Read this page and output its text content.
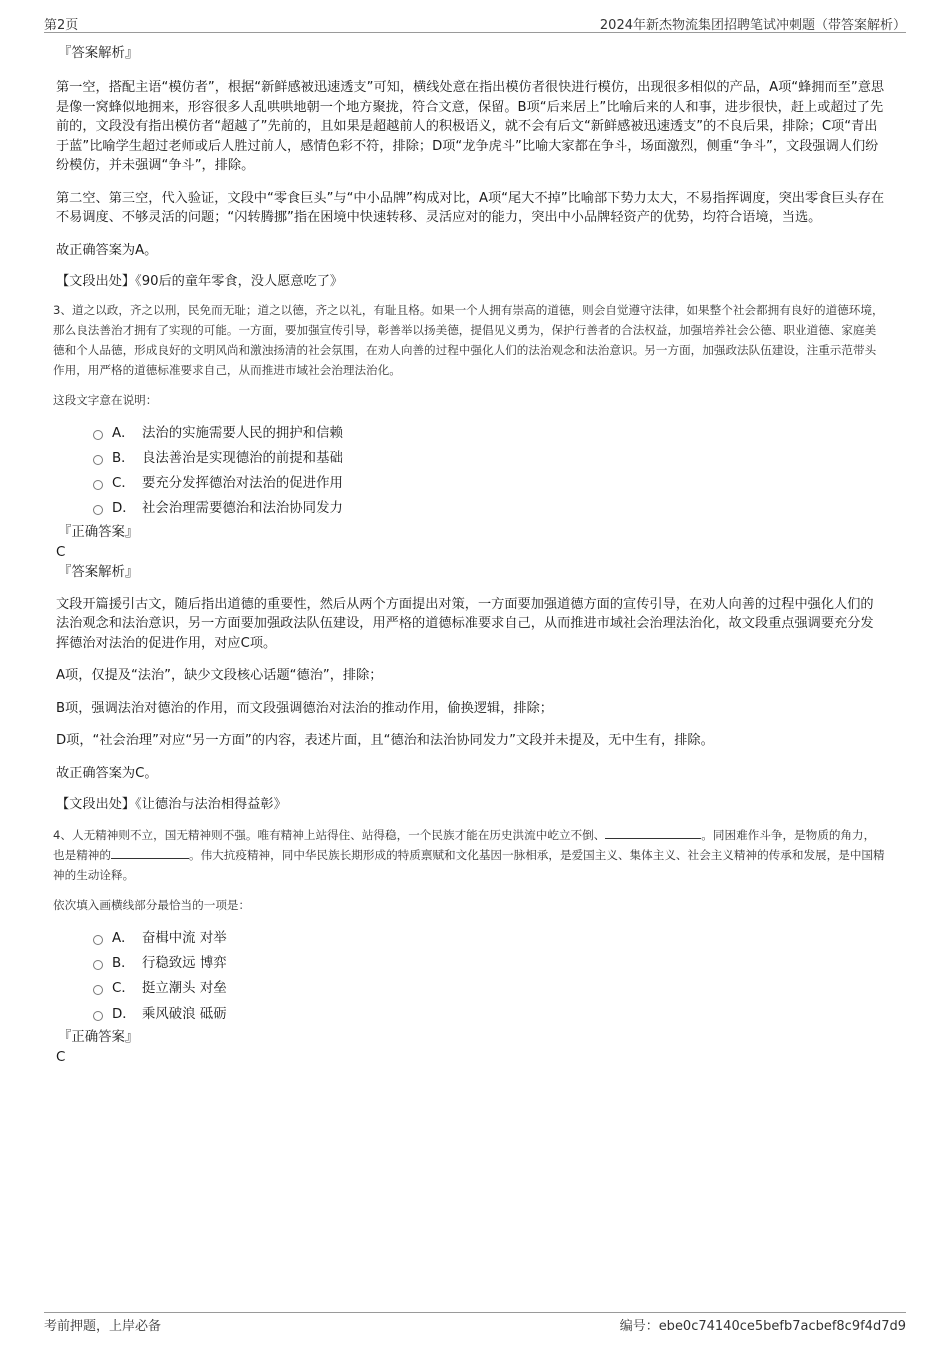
第2页	2024年新杰物流集团招聘笔试冲刺题（带答案解析）

『答案解析』

第一空，搭配主语“模仿者”，根据“新鲜感被迅速透支”可知，横线处意在指出模仿者很快进行模仿，出现很多相似的产品，A项“蜂拥而至”意思是像一窝蜂似地拥来，形容很多人乱哄哄地朝一个地方聚拢，符合文意，保留。B项“后来居上”比喻后来的人和事，进步很快，赶上或超过了先前的，文段没有指出模仿者“超越了”先前的，且如果是超越前人的积极语义，就不会有后文“新鲜感被迅速透支”的不良后果，排除；C项“青出于蓝”比喻学生超过老师或后人胜过前人，感情色彩不符，排除；D项“龙争虎斗”比喻大家都在争斗，场面激烈，侧重“争斗”，文段强调人们纷纷模仿，并未强调“争斗”，排除。

第二空、第三空，代入验证，文段中“零食巨头”与“中小品牌”构成对比，A项“尾大不掉”比喻部下势力太大，不易指挥调度，突出零食巨头存在不易调度、不够灵活的问题；“闪转腾挪”指在困境中快速转移、灵活应对的能力，突出中小品牌轻资产的优势，均符合语境，当选。

故正确答案为A。

【文段出处】《90后的童年零食，没人愿意吃了》

3、道之以政，齐之以刑，民免而无耻；道之以德，齐之以礼，有耻且格。如果一个人拥有崇高的道德，则会自觉遵守法律，如果整个社会都拥有良好的道德环境，那么良法善治才拥有了实现的可能。一方面，要加强宣传引导，彰善举以扬美德，提倡见义勇为，保护行善者的合法权益，加强培养社会公德、职业道德、家庭美德和个人品德，形成良好的文明风尚和激浊扬清的社会氛围，在劝人向善的过程中强化人们的法治观念和法治意识。另一方面，加强政法队伍建设，注重示范带头作用，用严格的道德标准要求自己，从而推进市域社会治理法治化。

这段文字意在说明：

A． 法治的实施需要人民的拥护和信赖
B． 良法善治是实现德治的前提和基础
C． 要充分发挥德治对法治的促进作用
D． 社会治理需要德治和法治协同发力

『正确答案』

C

『答案解析』

文段开篇援引古文，随后指出道德的重要性，然后从两个方面提出对策，一方面要加强道德方面的宣传引导，在劝人向善的过程中强化人们的法治观念和法治意识，另一方面要加强政法队伍建设，用严格的道德标准要求自己，从而推进市域社会治理法治化，故文段重点强调要充分发挥德治对法治的促进作用，对应C项。

A项，仅提及“法治”，缺少文段核心话题“德治”，排除；

B项，强调法治对德治的作用，而文段强调德治对法治的推动作用，偷换逻辑，排除；

D项，“社会治理”对应“另一方面”的内容，表述片面，且“德治和法治协同发力”文段并未提及，无中生有，排除。

故正确答案为C。

【文段出处】《让德治与法治相得益彰》

4、人无精神则不立，国无精神则不强。唯有精神上站得住、站得稳，一个民族才能在历史洪流中屹立不倒、	。同困难作斗争，是物质的角力，也是精神的	。伟大抗疫精神，同中华民族长期形成的特质禀赋和文化基因一脉相承，是爱国主义、集体主义、社会主义精神的传承和发展，是中国精神的生动诠释。

依次填入画横线部分最恰当的一项是：

A． 奋楫中流 对举
B． 行稳致远 博弈
C． 挺立潮头 对垒
D． 乘风破浪 砥砺

『正确答案』

C

考前押题，上岸必备	编号：ebe0c74140ce5befb7acbef8c9f4d7d9
